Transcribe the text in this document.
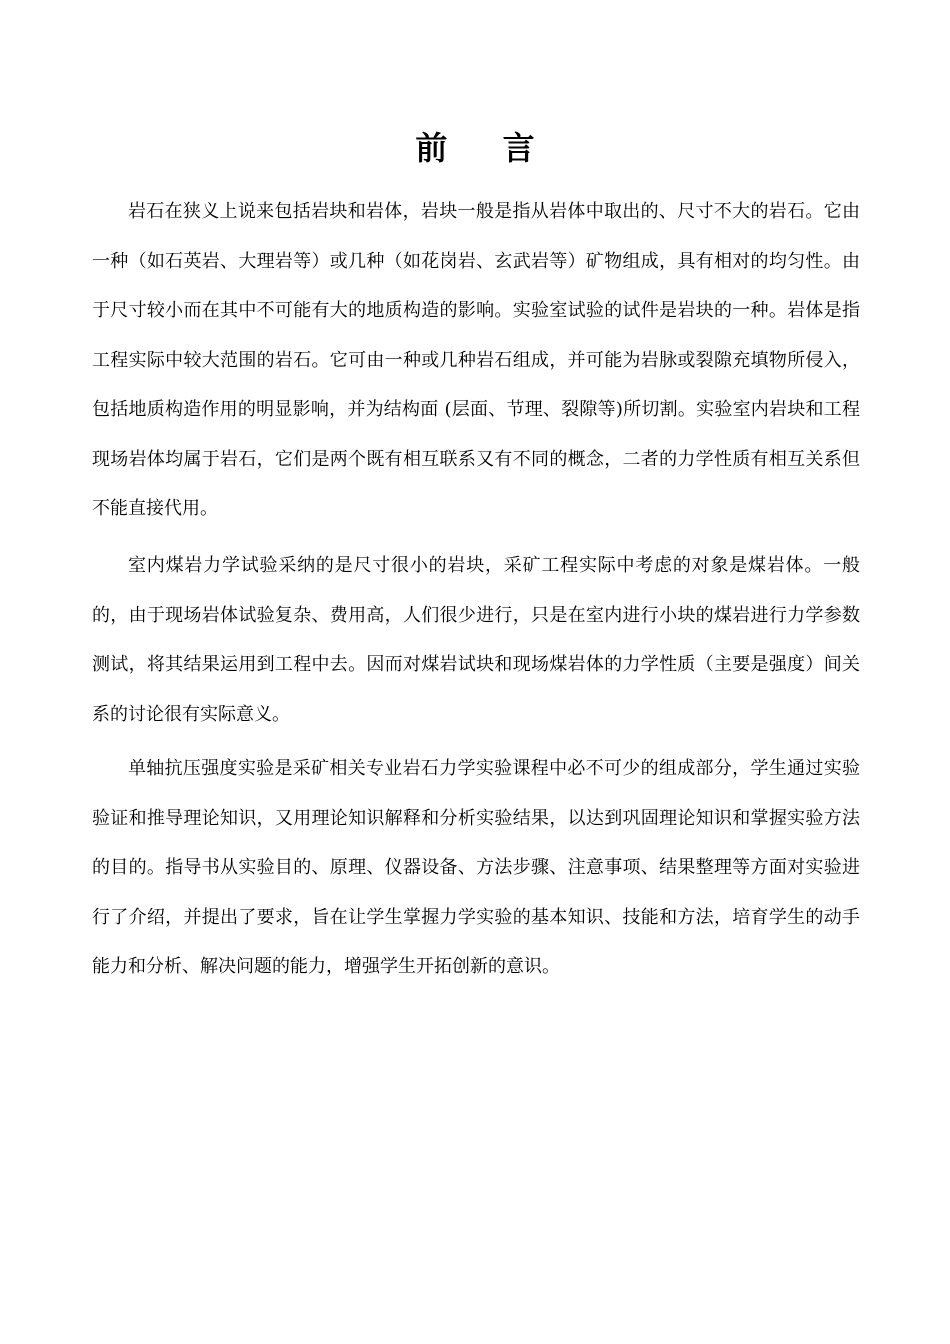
前 言

岩石在狭义上说来包括岩块和岩体，岩块一般是指从岩体中取出的、尺寸不大的岩石。它由一种（如石英岩、大理岩等）或几种（如花岗岩、玄武岩等）矿物组成，具有相对的均匀性。由于尺寸较小而在其中不可能有大的地质构造的影响。实验室试验的试件是岩块的一种。岩体是指工程实际中较大范围的岩石。它可由一种或几种岩石组成，并可能为岩脉或裂隙充填物所侵入，包括地质构造作用的明显影响，并为结构面 (层面、节理、裂隙等)所切割。实验室内岩块和工程现场岩体均属于岩石，它们是两个既有相互联系又有不同的概念，二者的力学性质有相互关系但不能直接代用。

室内煤岩力学试验采纳的是尺寸很小的岩块，采矿工程实际中考虑的对象是煤岩体。一般的，由于现场岩体试验复杂、费用高，人们很少进行，只是在室内进行小块的煤岩进行力学参数测试，将其结果运用到工程中去。因而对煤岩试块和现场煤岩体的力学性质（主要是强度）间关系的讨论很有实际意义。

单轴抗压强度实验是采矿相关专业岩石力学实验课程中必不可少的组成部分，学生通过实验验证和推导理论知识，又用理论知识解释和分析实验结果，以达到巩固理论知识和掌握实验方法的目的。指导书从实验目的、原理、仪器设备、方法步骤、注意事项、结果整理等方面对实验进行了介绍，并提出了要求，旨在让学生掌握力学实验的基本知识、技能和方法，培育学生的动手能力和分析、解决问题的能力，增强学生开拓创新的意识。
